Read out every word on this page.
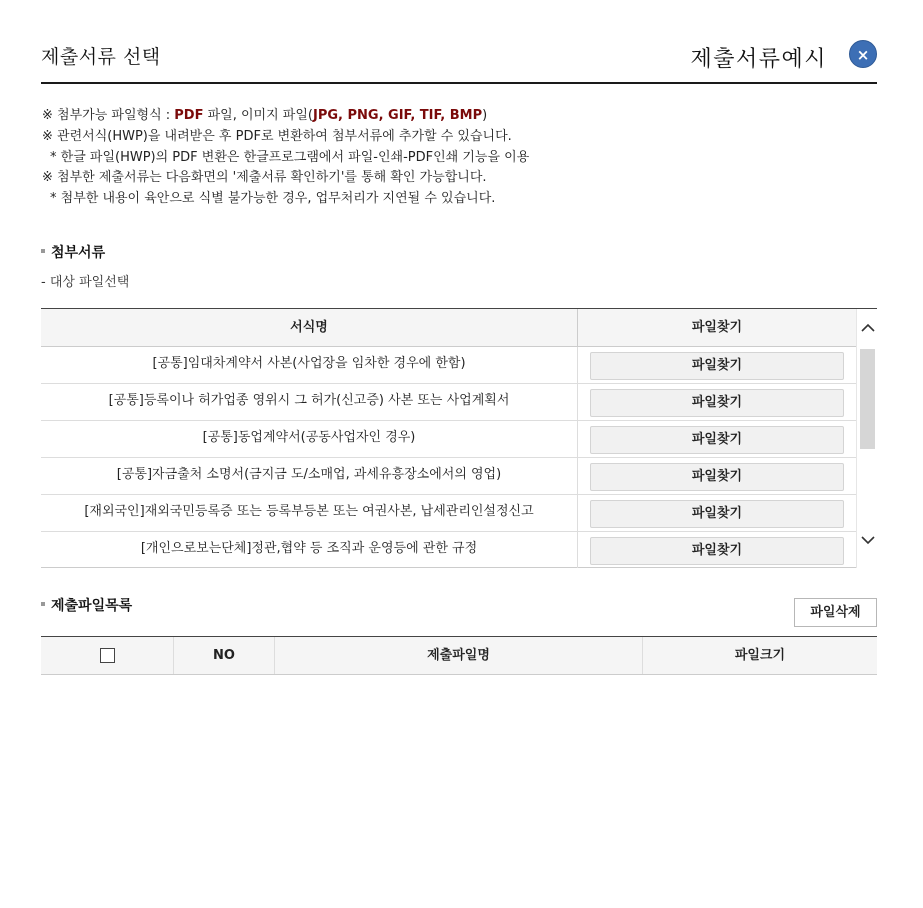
제출서류 선택	제출서류예시	×
※ 첨부가능 파일형식 : PDF 파일, 이미지 파일(JPG, PNG, GIF, TIF, BMP)
※ 관련서식(HWP)을 내려받은 후 PDF로 변환하여 첨부서류에 추가할 수 있습니다.
* 한글 파일(HWP)의 PDF 변환은 한글프로그램에서 파일-인쇄-PDF인쇄 기능을 이용
※ 첨부한 제출서류는 다음화면의 '제출서류 확인하기'를 통해 확인 가능합니다.
* 첨부한 내용이 육안으로 식별 불가능한 경우, 업무처리가 지연될 수 있습니다.
첨부서류
- 대상 파일선택
서식명	파일찾기
[공통]임대차계약서 사본(사업장을 임차한 경우에 한함)	파일찾기
[공통]등록이나 허가업종 영위시 그 허가(신고증) 사본 또는 사업계획서	파일찾기
[공통]동업계약서(공동사업자인 경우)	파일찾기
[공통]자금출처 소명서(금지금 도/소매업, 과세유흥장소에서의 영업)	파일찾기
[재외국인]재외국민등록증 또는 등록부등본 또는 여권사본, 납세관리인설정신고	파일찾기
[개인으로보는단체]정관,협약 등 조직과 운영등에 관한 규정	파일찾기
제출파일목록	파일삭제
NO	제출파일명	파일크기
